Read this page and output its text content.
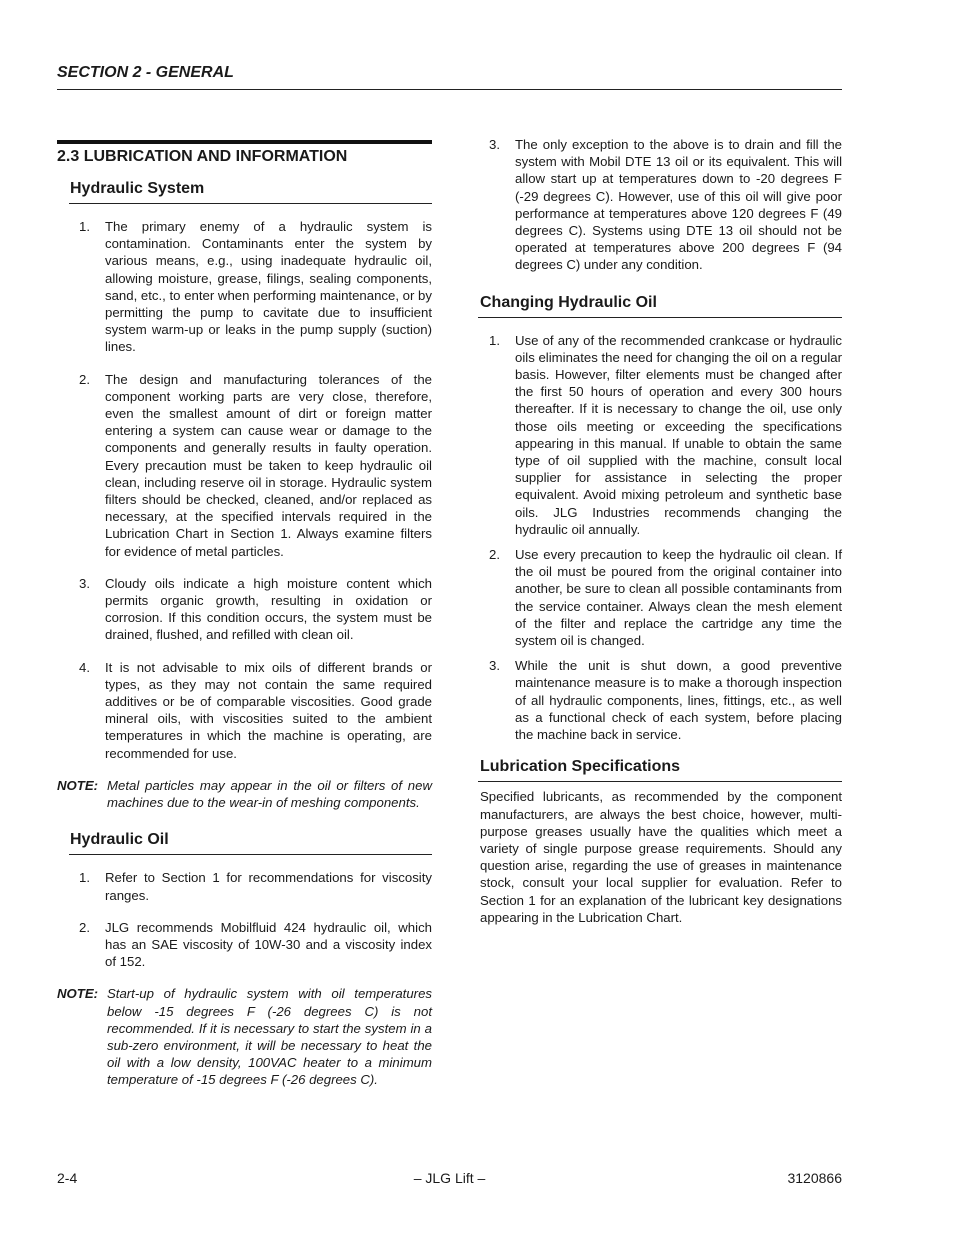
SECTION 2 - GENERAL

2.3 LUBRICATION AND INFORMATION

Hydraulic System

1.	The primary enemy of a hydraulic system is contamination. Contaminants enter the system by various means, e.g., using inadequate hydraulic oil, allowing moisture, grease, filings, sealing components, sand, etc., to enter when performing maintenance, or by permitting the pump to cavitate due to insufficient system warm-up or leaks in the pump supply (suction) lines.
2.	The design and manufacturing tolerances of the component working parts are very close, therefore, even the smallest amount of dirt or foreign matter entering a system can cause wear or damage to the components and generally results in faulty operation. Every precaution must be taken to keep hydraulic oil clean, including reserve oil in storage. Hydraulic system filters should be checked, cleaned, and/or replaced as necessary, at the specified intervals required in the Lubrication Chart in Section 1. Always examine filters for evidence of metal particles.
3.	Cloudy oils indicate a high moisture content which permits organic growth, resulting in oxidation or corrosion. If this condition occurs, the system must be drained, flushed, and refilled with clean oil.
4.	It is not advisable to mix oils of different brands or types, as they may not contain the same required additives or be of comparable viscosities. Good grade mineral oils, with viscosities suited to the ambient temperatures in which the machine is operating, are recommended for use.
NOTE: Metal particles may appear in the oil or filters of new machines due to the wear-in of meshing components.

Hydraulic Oil

1.	Refer to Section 1 for recommendations for viscosity ranges.
2.	JLG recommends Mobilfluid 424 hydraulic oil, which has an SAE viscosity of 10W-30 and a viscosity index of 152.
NOTE: Start-up of hydraulic system with oil temperatures below -15 degrees F (-26 degrees C) is not recommended. If it is necessary to start the system in a sub-zero environment, it will be necessary to heat the oil with a low density, 100VAC heater to a minimum temperature of -15 degrees F (-26 degrees C).
3.	The only exception to the above is to drain and fill the system with Mobil DTE 13 oil or its equivalent. This will allow start up at temperatures down to -20 degrees F (-29 degrees C). However, use of this oil will give poor performance at temperatures above 120 degrees F (49 degrees C). Systems using DTE 13 oil should not be operated at temperatures above 200 degrees F (94 degrees C) under any condition.

Changing Hydraulic Oil

1.	Use of any of the recommended crankcase or hydraulic oils eliminates the need for changing the oil on a regular basis. However, filter elements must be changed after the first 50 hours of operation and every 300 hours thereafter. If it is necessary to change the oil, use only those oils meeting or exceeding the specifications appearing in this manual. If unable to obtain the same type of oil supplied with the machine, consult local supplier for assistance in selecting the proper equivalent. Avoid mixing petroleum and synthetic base oils. JLG Industries recommends changing the hydraulic oil annually.
2.	Use every precaution to keep the hydraulic oil clean. If the oil must be poured from the original container into another, be sure to clean all possible contaminants from the service container. Always clean the mesh element of the filter and replace the cartridge any time the system oil is changed.
3.	While the unit is shut down, a good preventive maintenance measure is to make a thorough inspection of all hydraulic components, lines, fittings, etc., as well as a functional check of each system, before placing the machine back in service.

Lubrication Specifications

Specified lubricants, as recommended by the component manufacturers, are always the best choice, however, multi-purpose greases usually have the qualities which meet a variety of single purpose grease requirements. Should any question arise, regarding the use of greases in maintenance stock, consult your local supplier for evaluation. Refer to Section 1 for an explanation of the lubricant key designations appearing in the Lubrication Chart.

2-4	– JLG Lift –	3120866
